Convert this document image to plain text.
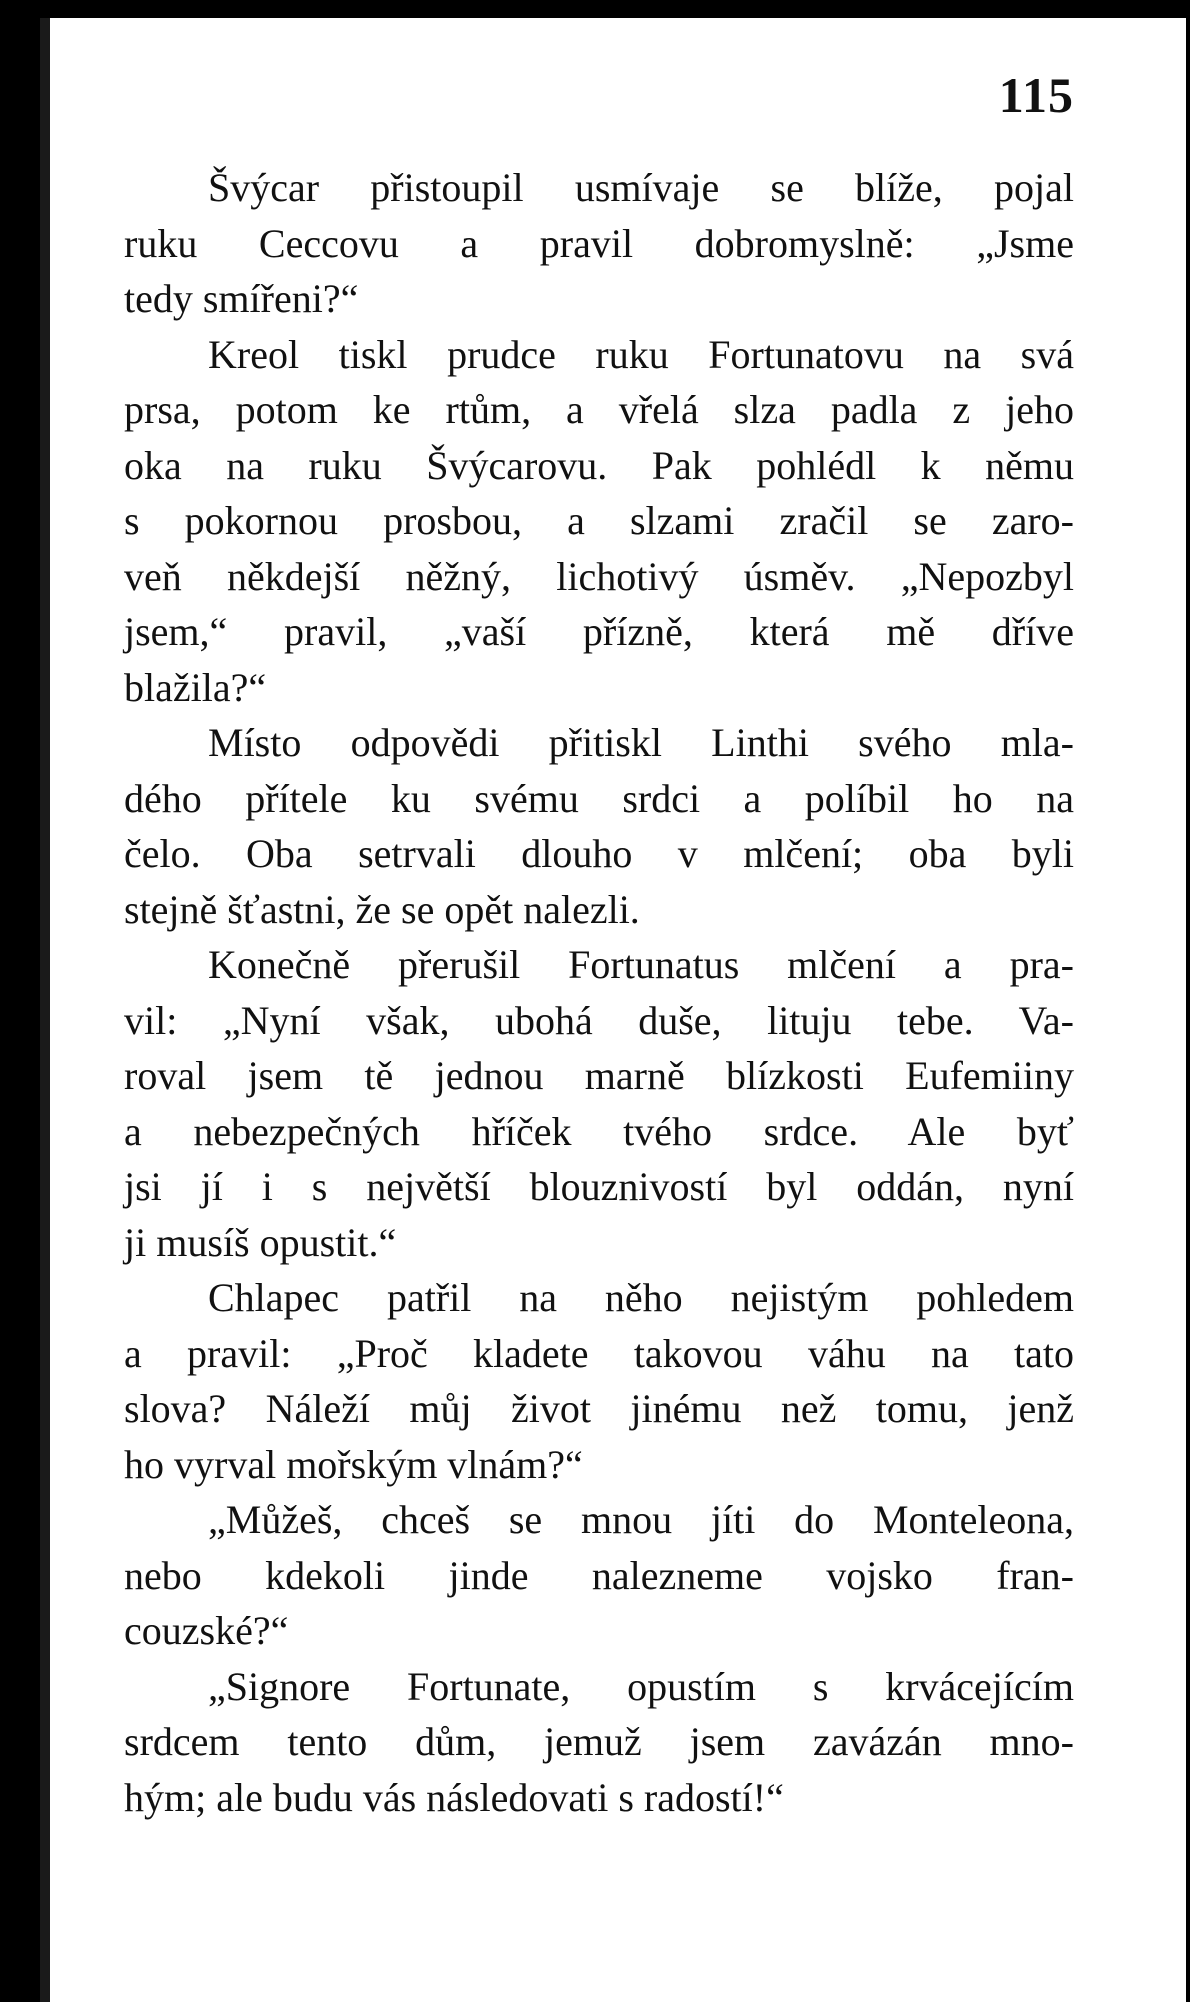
115
Švýcar přistoupil usmívaje se blíže, pojal
ruku Ceccovu a pravil dobromyslně: „Jsme
tedy smířeni?“
Kreol tiskl prudce ruku Fortunatovu na svá
prsa, potom ke rtům, a vřelá slza padla z jeho
oka na ruku Švýcarovu. Pak pohlédl k němu
s pokornou prosbou, a slzami zračil se zaro-
veň někdejší něžný, lichotivý úsměv. „Nepozbyl
jsem,“ pravil, „vaší přízně, která mě dříve
blažila?“
Místo odpovědi přitiskl Linthi svého mla-
dého přítele ku svému srdci a políbil ho na
čelo. Oba setrvali dlouho v mlčení; oba byli
stejně šťastni, že se opět nalezli.
Konečně přerušil Fortunatus mlčení a pra-
vil: „Nyní však, ubohá duše, lituju tebe. Va-
roval jsem tě jednou marně blízkosti Eufemiiny
a nebezpečných hříček tvého srdce. Ale byť
jsi jí i s největší blouznivostí byl oddán, nyní
ji musíš opustit.“
Chlapec patřil na něho nejistým pohledem
a pravil: „Proč kladete takovou váhu na tato
slova? Náleží můj život jinému než tomu, jenž
ho vyrval mořským vlnám?“
„Můžeš, chceš se mnou jíti do Monteleona,
nebo kdekoli jinde nalezneme vojsko fran-
couzské?“
„Signore Fortunate, opustím s krvácejícím
srdcem tento dům, jemuž jsem zavázán mno-
hým; ale budu vás následovati s radostí!“
